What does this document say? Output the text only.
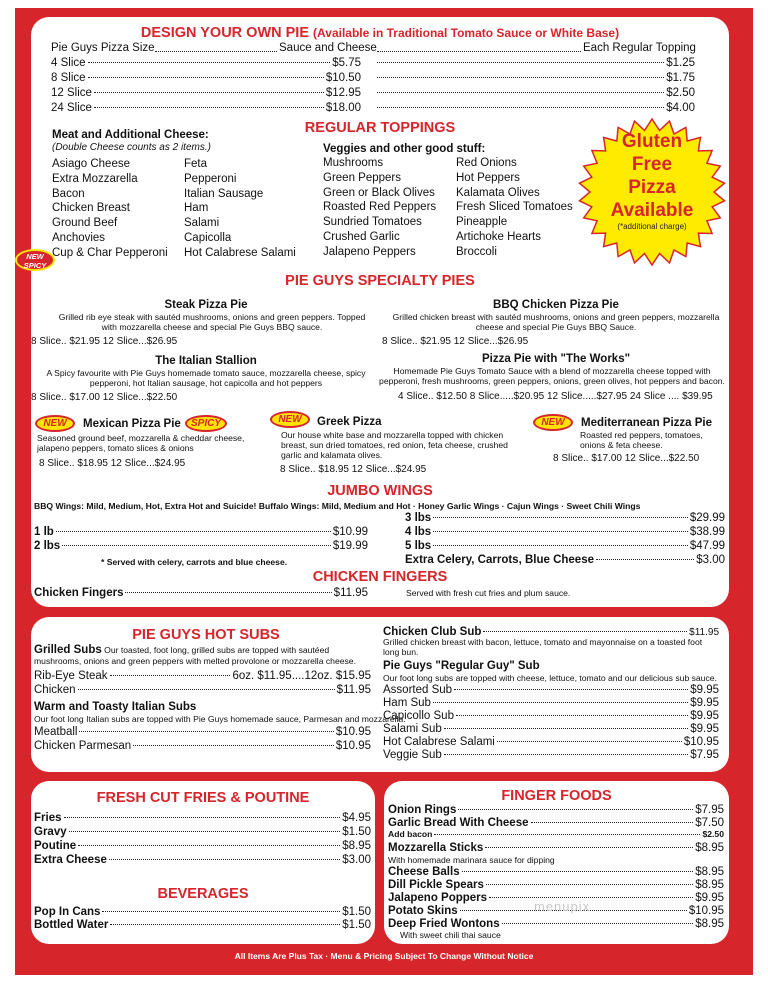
DESIGN YOUR OWN PIE (Available in Traditional Tomato Sauce or White Base)
Pie Guys Pizza Size	Sauce and Cheese	Each Regular Topping
4 Slice	$5.75	$1.25
8 Slice	$10.50	$1.75
12 Slice	$12.95	$2.50
24 Slice	$18.00	$4.00
REGULAR TOPPINGS
Meat and Additional Cheese:
(Double Cheese counts as 2 items.)	Veggies and other good stuff:
Asiago Cheese
Extra Mozzarella
Bacon
Chicken Breast
Ground Beef
Anchovies
Cup & Char Pepperoni
Feta
Pepperoni
Italian Sausage
Ham
Salami
Capicolla
Hot Calabrese Salami
Mushrooms
Green Peppers
Green or Black Olives
Roasted Red Peppers
Sundried Tomatoes
Crushed Garlic
Jalapeno Peppers
Red Onions
Hot Peppers
Kalamata Olives
Fresh Sliced Tomatoes
Pineapple
Artichoke Hearts
Broccoli
PIE GUYS SPECIALTY PIES
Steak Pizza Pie
Grilled rib eye steak with sautéd mushrooms, onions and green peppers. Topped with mozzarella cheese and special Pie Guys BBQ sauce.
8 Slice.. $21.95 12 Slice...$26.95
BBQ Chicken Pizza Pie
Grilled chicken breast with sautéd mushrooms, onions and green peppers, mozzarella cheese and special Pie Guys BBQ Sauce.
8 Slice.. $21.95 12 Slice...$26.95
The Italian Stallion
A Spicy favourite with Pie Guys homemade tomato sauce, mozzarella cheese, spicy pepperoni, hot Italian sausage, hot capicolla and hot peppers
8 Slice.. $17.00 12 Slice...$22.50
Pizza Pie with "The Works"
Homemade Pie Guys Tomato Sauce with a blend of mozzarella cheese topped with pepperoni, fresh mushrooms, green peppers, onions, green olives, hot peppers and bacon.
4 Slice.. $12.50 8 Slice.....$20.95 12 Slice.....$27.95 24 Slice .... $39.95
NEW	Mexican Pizza Pie	SPICY
Seasoned ground beef, mozzarella & cheddar cheese, jalapeno peppers, tomato slices & onions
8 Slice.. $18.95 12 Slice...$24.95
NEW	Greek Pizza
Our house white base and mozzarella topped with chicken breast, sun dried tomatoes, red onion, feta cheese, crushed garlic and kalamata olives.
8 Slice.. $18.95 12 Slice...$24.95
NEW	Mediterranean Pizza Pie
Roasted red peppers, tomatoes, onions & feta cheese.
8 Slice.. $17.00 12 Slice...$22.50
JUMBO WINGS
BBQ Wings: Mild, Medium, Hot, Extra Hot and Suicide! Buffalo Wings: Mild, Medium and Hot · Honey Garlic Wings · Cajun Wings · Sweet Chili Wings
1 lb	$10.99
2 lbs	$19.99
* Served with celery, carrots and blue cheese.
3 lbs	$29.99
4 lbs	$38.99
5 lbs	$47.99
Extra Celery, Carrots, Blue Cheese	$3.00
CHICKEN FINGERS
Chicken Fingers	$11.95	Served with fresh cut fries and plum sauce.
Gluten
Free
Pizza
Available
(*additional charge)
NEW
SPICY
PIE GUYS HOT SUBS
Grilled Subs Our toasted, foot long, grilled subs are topped with sautéed mushrooms, onions and green peppers with melted provolone or mozzarella cheese.
Rib-Eye Steak	6oz. $11.95....12oz. $15.95
Chicken	$11.95
Warm and Toasty Italian Subs
Our foot long Italian subs are topped with Pie Guys homemade sauce, Parmesan and mozzarella.
Meatball	$10.95
Chicken Parmesan	$10.95
Chicken Club Sub	$11.95
Grilled chicken breast with bacon, lettuce, tomato and mayonnaise on a toasted foot long bun.
Pie Guys "Regular Guy" Sub
Our foot long subs are topped with cheese, lettuce, tomato and our delicious sub sauce.
Assorted Sub	$9.95
Ham Sub	$9.95
Capicollo Sub	$9.95
Salami Sub	$9.95
Hot Calabrese Salami	$10.95
Veggie Sub	$7.95
FRESH CUT FRIES & POUTINE
Fries	$4.95
Gravy	$1.50
Poutine	$8.95
Extra Cheese	$3.00
BEVERAGES
Pop In Cans	$1.50
Bottled Water	$1.50
FINGER FOODS
Onion Rings	$7.95
Garlic Bread With Cheese	$7.50
Add bacon	$2.50
Mozzarella Sticks	$8.95
With homemade marinara sauce for dipping
Cheese Balls	$8.95
Dill Pickle Spears	$8.95
Jalapeno Poppers	$9.95
Potato Skins	$10.95
Deep Fried Wontons	$8.95
With sweet chili thai sauce
menupix
All Items Are Plus Tax · Menu & Pricing Subject To Change Without Notice
